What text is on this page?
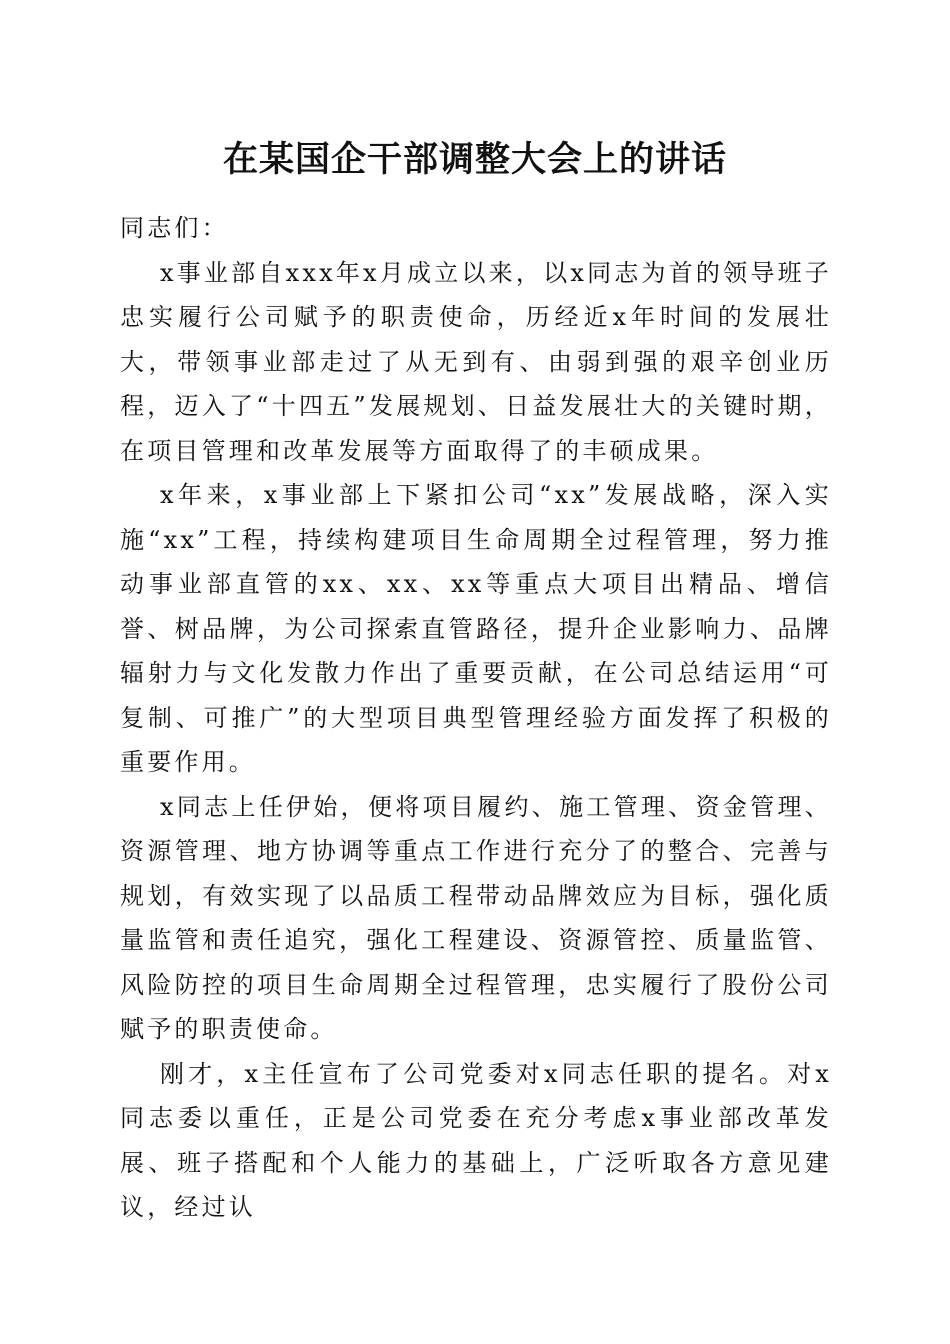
在某国企干部调整大会上的讲话

同志们：

x事业部自xxx年x月成立以来，以x同志为首的领导班子忠实履行公司赋予的职责使命，历经近x年时间的发展壮大，带领事业部走过了从无到有、由弱到强的艰辛创业历程，迈入了“十四五”发展规划、日益发展壮大的关键时期，在项目管理和改革发展等方面取得了的丰硕成果。

x年来，x事业部上下紧扣公司“xx”发展战略，深入实施“xx”工程，持续构建项目生命周期全过程管理，努力推动事业部直管的xx、xx、xx等重点大项目出精品、增信誉、树品牌，为公司探索直管路径，提升企业影响力、品牌辐射力与文化发散力作出了重要贡献，在公司总结运用“可复制、可推广”的大型项目典型管理经验方面发挥了积极的重要作用。

x同志上任伊始，便将项目履约、施工管理、资金管理、资源管理、地方协调等重点工作进行充分了的整合、完善与规划，有效实现了以品质工程带动品牌效应为目标，强化质量监管和责任追究，强化工程建设、资源管控、质量监管、风险防控的项目生命周期全过程管理，忠实履行了股份公司赋予的职责使命。

刚才，x主任宣布了公司党委对x同志任职的提名。对x同志委以重任，正是公司党委在充分考虑x事业部改革发展、班子搭配和个人能力的基础上，广泛听取各方意见建议，经过认
